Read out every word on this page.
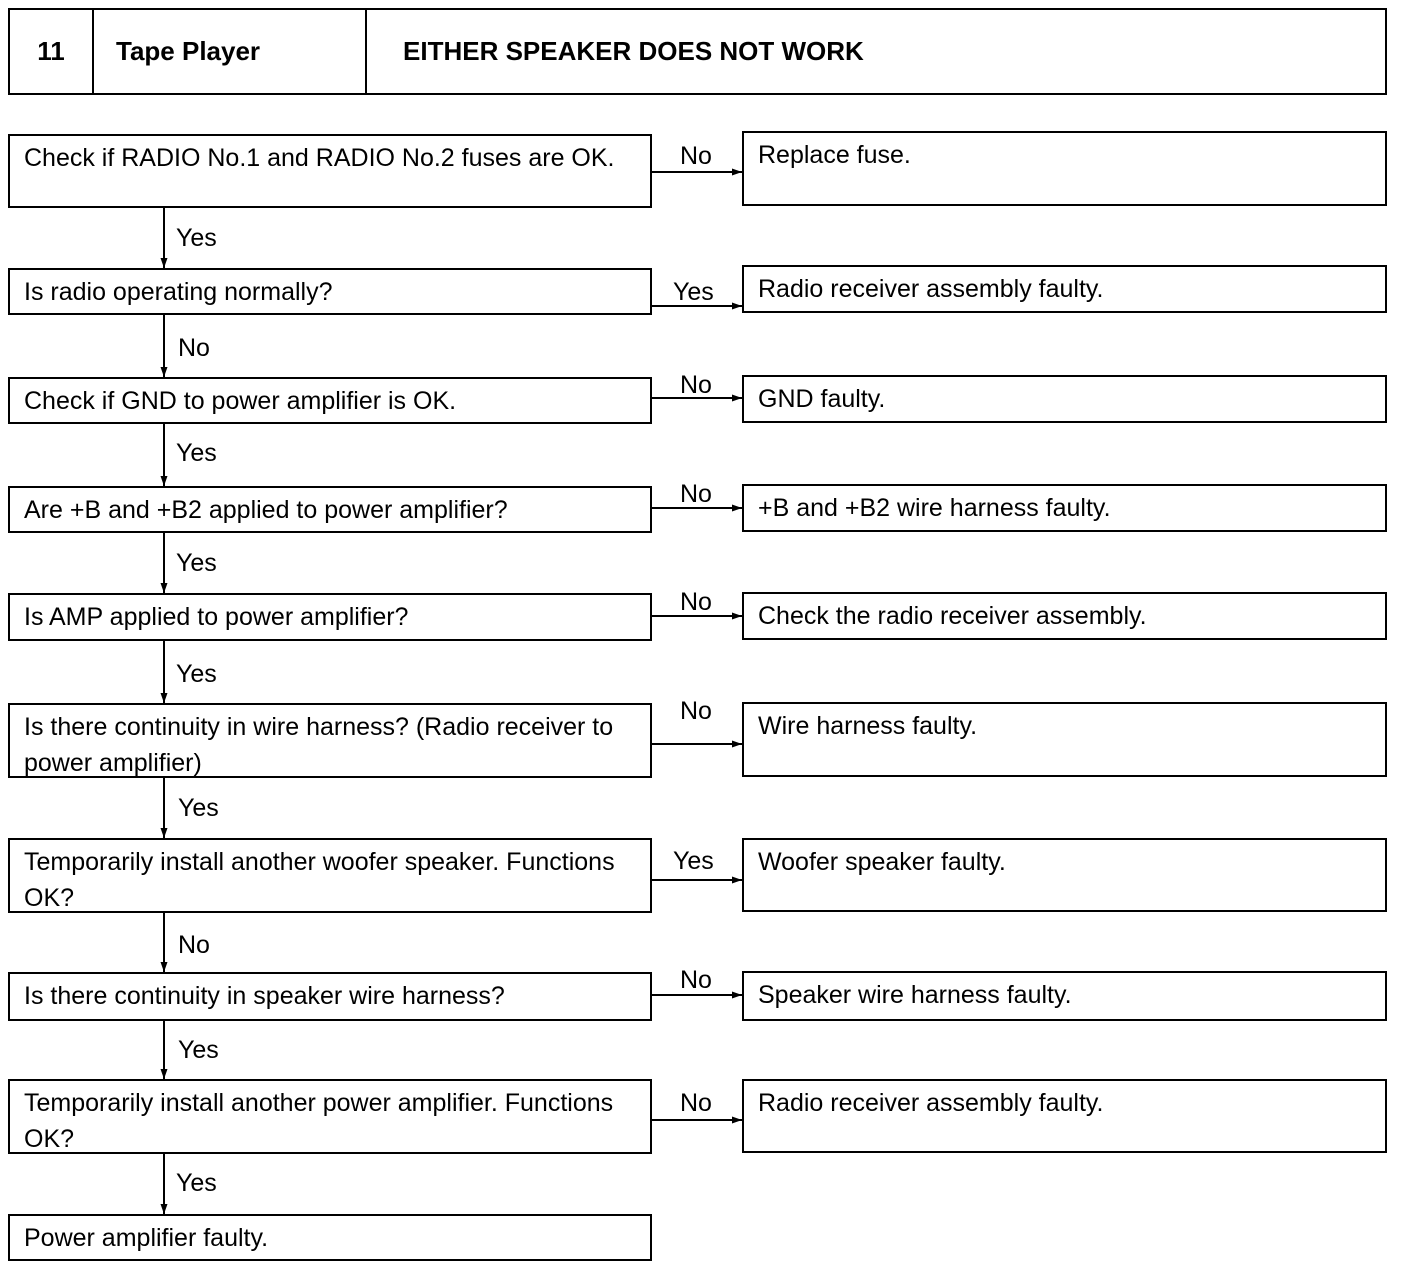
11 Tape Player	EITHER SPEAKER DOES NOT WORK
Check if RADIO No.1 and RADIO No.2 fuses are OK.	No	Replace fuse.
Yes
Is radio operating normally?	Yes	Radio receiver assembly faulty.
No
Check if GND to power amplifier is OK.
No	GND faulty.
Yes
Are +B and +B2 applied to power amplifier?
No	+B and +B2 wire harness faulty.
Yes
Is AMP applied to power amplifier?
No	Check the radio receiver assembly.
Yes
Is there continuity in wire harness? (Radio receiver to power amplifier)
No
Wire harness faulty.
Yes
Temporarily install another woofer speaker. Functions OK?
Yes	Woofer speaker faulty.
No
Is there continuity in speaker wire harness?
No
Speaker wire harness faulty.
Yes
Temporarily install another power amplifier. Functions OK?
No	Radio receiver assembly faulty.
Yes
Power amplifier faulty.
